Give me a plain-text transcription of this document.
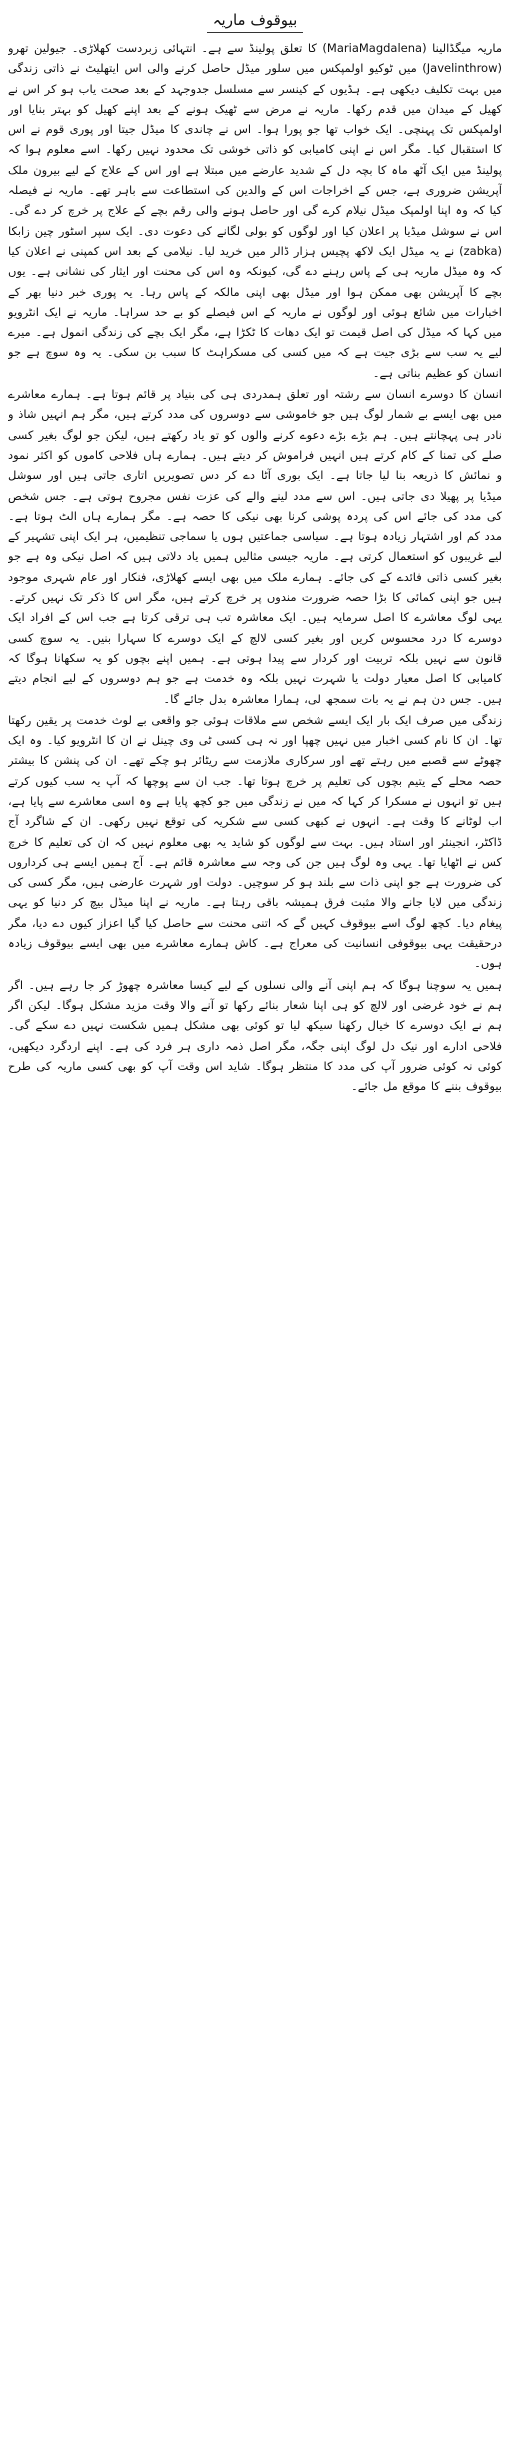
بیوقوف ماریہ

ماریہ میگڈالینا (MariaMagdalena) کا تعلق پولینڈ سے ہے۔ انتہائی زبردست کھلاڑی۔ جیولین تھرو (Javelinthrow) میں ٹوکیو اولمپکس میں سلور میڈل حاصل کرنے والی اس ایتھلیٹ نے ذاتی زندگی میں بہت تکلیف دیکھی ہے۔ ہڈیوں کے کینسر سے مسلسل جدوجہد کے بعد صحت یاب ہو کر اس نے کھیل کے میدان میں قدم رکھا۔ ماریہ نے مرض سے ٹھیک ہونے کے بعد اپنے کھیل کو بہتر بنایا اور اولمپکس تک پہنچی۔ ایک خواب تھا جو پورا ہوا۔ اس نے چاندی کا میڈل جیتا اور پوری قوم نے اس کا استقبال کیا۔ مگر اس نے اپنی کامیابی کو ذاتی خوشی تک محدود نہیں رکھا۔ اسے معلوم ہوا کہ پولینڈ میں ایک آٹھ ماہ کا بچہ دل کے شدید عارضے میں مبتلا ہے اور اس کے علاج کے لیے بیرون ملک آپریشن ضروری ہے، جس کے اخراجات اس کے والدین کی استطاعت سے باہر تھے۔ ماریہ نے فیصلہ کیا کہ وہ اپنا اولمپک میڈل نیلام کرے گی اور حاصل ہونے والی رقم بچے کے علاج پر خرچ کر دے گی۔ اس نے سوشل میڈیا پر اعلان کیا اور لوگوں کو بولی لگانے کی دعوت دی۔ ایک سپر اسٹور چین زابکا (zabka) نے یہ میڈل ایک لاکھ پچیس ہزار ڈالر میں خرید لیا۔ نیلامی کے بعد اس کمپنی نے اعلان کیا کہ وہ میڈل ماریہ ہی کے پاس رہنے دے گی، کیونکہ وہ اس کی محنت اور ایثار کی نشانی ہے۔ یوں بچے کا آپریشن بھی ممکن ہوا اور میڈل بھی اپنی مالکہ کے پاس رہا۔ یہ پوری خبر دنیا بھر کے اخبارات میں شائع ہوئی اور لوگوں نے ماریہ کے اس فیصلے کو بے حد سراہا۔ ماریہ نے ایک انٹرویو میں کہا کہ میڈل کی اصل قیمت تو ایک دھات کا ٹکڑا ہے، مگر ایک بچے کی زندگی انمول ہے۔ میرے لیے یہ سب سے بڑی جیت ہے کہ میں کسی کی مسکراہٹ کا سبب بن سکی۔ یہ وہ سوچ ہے جو انسان کو عظیم بناتی ہے۔

انسان کا دوسرے انسان سے رشتہ اور تعلق ہمدردی ہی کی بنیاد پر قائم ہوتا ہے۔ ہمارے معاشرے میں بھی ایسے بے شمار لوگ ہیں جو خاموشی سے دوسروں کی مدد کرتے ہیں، مگر ہم انہیں شاذ و نادر ہی پہچانتے ہیں۔ ہم بڑے بڑے دعوے کرنے والوں کو تو یاد رکھتے ہیں، لیکن جو لوگ بغیر کسی صلے کی تمنا کے کام کرتے ہیں انہیں فراموش کر دیتے ہیں۔ ہمارے ہاں فلاحی کاموں کو اکثر نمود و نمائش کا ذریعہ بنا لیا جاتا ہے۔ ایک بوری آٹا دے کر دس تصویریں اتاری جاتی ہیں اور سوشل میڈیا پر پھیلا دی جاتی ہیں۔ اس سے مدد لینے والے کی عزت نفس مجروح ہوتی ہے۔ جس شخص کی مدد کی جائے اس کی پردہ پوشی کرنا بھی نیکی کا حصہ ہے۔ مگر ہمارے ہاں الٹ ہوتا ہے۔ مدد کم اور اشتہار زیادہ ہوتا ہے۔ سیاسی جماعتیں ہوں یا سماجی تنظیمیں، ہر ایک اپنی تشہیر کے لیے غریبوں کو استعمال کرتی ہے۔ ماریہ جیسی مثالیں ہمیں یاد دلاتی ہیں کہ اصل نیکی وہ ہے جو بغیر کسی ذاتی فائدے کے کی جائے۔ ہمارے ملک میں بھی ایسے کھلاڑی، فنکار اور عام شہری موجود ہیں جو اپنی کمائی کا بڑا حصہ ضرورت مندوں پر خرچ کرتے ہیں، مگر اس کا ذکر تک نہیں کرتے۔ یہی لوگ معاشرے کا اصل سرمایہ ہیں۔ ایک معاشرہ تب ہی ترقی کرتا ہے جب اس کے افراد ایک دوسرے کا درد محسوس کریں اور بغیر کسی لالچ کے ایک دوسرے کا سہارا بنیں۔ یہ سوچ کسی قانون سے نہیں بلکہ تربیت اور کردار سے پیدا ہوتی ہے۔ ہمیں اپنے بچوں کو یہ سکھانا ہوگا کہ کامیابی کا اصل معیار دولت یا شہرت نہیں بلکہ وہ خدمت ہے جو ہم دوسروں کے لیے انجام دیتے ہیں۔ جس دن ہم نے یہ بات سمجھ لی، ہمارا معاشرہ بدل جائے گا۔

زندگی میں صرف ایک بار ایک ایسے شخص سے ملاقات ہوئی جو واقعی بے لوث خدمت پر یقین رکھتا تھا۔ ان کا نام کسی اخبار میں نہیں چھپا اور نہ ہی کسی ٹی وی چینل نے ان کا انٹرویو کیا۔ وہ ایک چھوٹے سے قصبے میں رہتے تھے اور سرکاری ملازمت سے ریٹائر ہو چکے تھے۔ ان کی پنشن کا بیشتر حصہ محلے کے یتیم بچوں کی تعلیم پر خرچ ہوتا تھا۔ جب ان سے پوچھا کہ آپ یہ سب کیوں کرتے ہیں تو انہوں نے مسکرا کر کہا کہ میں نے زندگی میں جو کچھ پایا ہے وہ اسی معاشرے سے پایا ہے، اب لوٹانے کا وقت ہے۔ انہوں نے کبھی کسی سے شکریہ کی توقع نہیں رکھی۔ ان کے شاگرد آج ڈاکٹر، انجینئر اور استاد ہیں۔ بہت سے لوگوں کو شاید یہ بھی معلوم نہیں کہ ان کی تعلیم کا خرچ کس نے اٹھایا تھا۔ یہی وہ لوگ ہیں جن کی وجہ سے معاشرہ قائم ہے۔ آج ہمیں ایسے ہی کرداروں کی ضرورت ہے جو اپنی ذات سے بلند ہو کر سوچیں۔ دولت اور شہرت عارضی ہیں، مگر کسی کی زندگی میں لایا جانے والا مثبت فرق ہمیشہ باقی رہتا ہے۔ ماریہ نے اپنا میڈل بیچ کر دنیا کو یہی پیغام دیا۔ کچھ لوگ اسے بیوقوف کہیں گے کہ اتنی محنت سے حاصل کیا گیا اعزاز کیوں دے دیا، مگر درحقیقت یہی بیوقوفی انسانیت کی معراج ہے۔ کاش ہمارے معاشرے میں بھی ایسے بیوقوف زیادہ ہوں۔

ہمیں یہ سوچنا ہوگا کہ ہم اپنی آنے والی نسلوں کے لیے کیسا معاشرہ چھوڑ کر جا رہے ہیں۔ اگر ہم نے خود غرضی اور لالچ کو ہی اپنا شعار بنائے رکھا تو آنے والا وقت مزید مشکل ہوگا۔ لیکن اگر ہم نے ایک دوسرے کا خیال رکھنا سیکھ لیا تو کوئی بھی مشکل ہمیں شکست نہیں دے سکے گی۔ فلاحی ادارے اور نیک دل لوگ اپنی جگہ، مگر اصل ذمہ داری ہر فرد کی ہے۔ اپنے اردگرد دیکھیں، کوئی نہ کوئی ضرور آپ کی مدد کا منتظر ہوگا۔ شاید اس وقت آپ کو بھی کسی ماریہ کی طرح بیوقوف بننے کا موقع مل جائے۔
